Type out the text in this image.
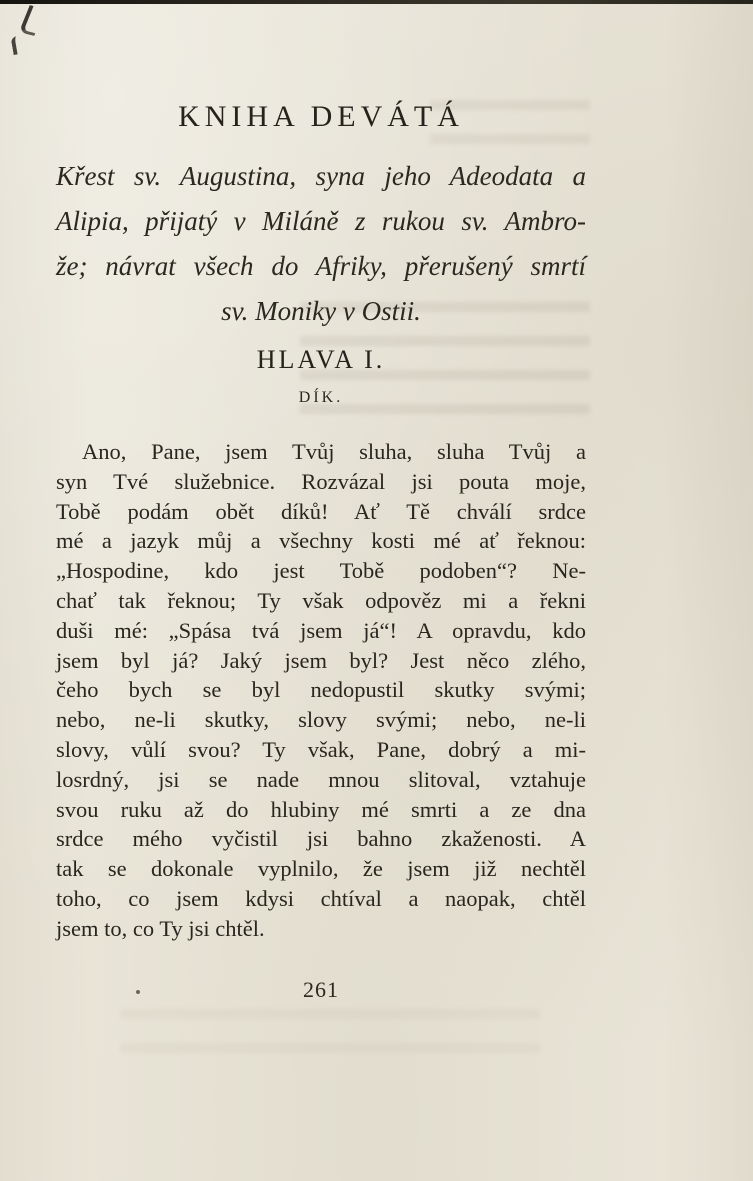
KNIHA DEVÁTÁ
Křest sv. Augustina, syna jeho Adeodata a
Alipia, přijatý v Miláně z rukou sv. Ambro-
že; návrat všech do Afriky, přerušený smrtí
sv. Moniky v Ostii.
HLAVA I.
DÍK.
Ano, Pane, jsem Tvůj sluha, sluha Tvůj a
syn Tvé služebnice. Rozvázal jsi pouta moje,
Tobě podám obět díků! Ať Tě chválí srdce
mé a jazyk můj a všechny kosti mé ať řeknou:
„Hospodine, kdo jest Tobě podoben“? Ne-
chať tak řeknou; Ty však odpověz mi a řekni
duši mé: „Spása tvá jsem já“! A opravdu, kdo
jsem byl já? Jaký jsem byl? Jest něco zlého,
čeho bych se byl nedopustil skutky svými;
nebo, ne-li skutky, slovy svými; nebo, ne-li
slovy, vůlí svou? Ty však, Pane, dobrý a mi-
losrdný, jsi se nade mnou slitoval, vztahuje
svou ruku až do hlubiny mé smrti a ze dna
srdce mého vyčistil jsi bahno zkaženosti. A
tak se dokonale vyplnilo, že jsem již nechtěl
toho, co jsem kdysi chtíval a naopak, chtěl
jsem to, co Ty jsi chtěl.
261
